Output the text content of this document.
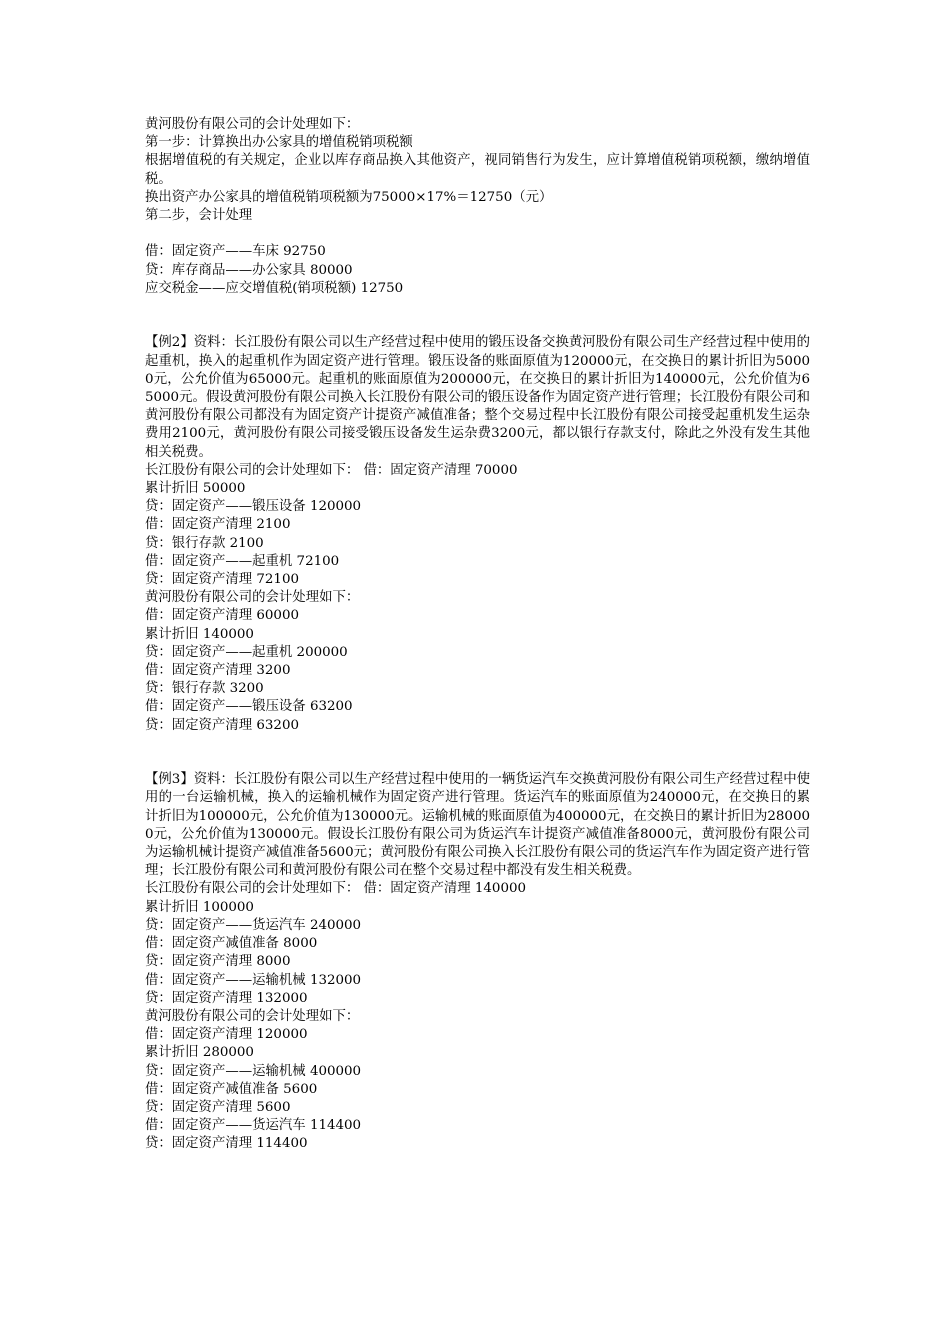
黄河股份有限公司的会计处理如下：

第一步：计算换出办公家具的增值税销项税额

根据增值税的有关规定，企业以库存商品换入其他资产，视同销售行为发生，应计算增值税销项税额，缴纳增值税。

换出资产办公家具的增值税销项税额为75000×17%＝12750（元）

第二步，会计处理

借：固定资产——车床 92750

贷：库存商品——办公家具 80000

应交税金——应交增值税(销项税额) 12750

【例2】资料：长江股份有限公司以生产经营过程中使用的锻压设备交换黄河股份有限公司生产经营过程中使用的起重机，换入的起重机作为固定资产进行管理。锻压设备的账面原值为120000元，在交换日的累计折旧为50000元，公允价值为65000元。起重机的账面原值为200000元，在交换日的累计折旧为140000元，公允价值为65000元。假设黄河股份有限公司换入长江股份有限公司的锻压设备作为固定资产进行管理；长江股份有限公司和黄河股份有限公司都没有为固定资产计提资产减值准备；整个交易过程中长江股份有限公司接受起重机发生运杂费用2100元，黄河股份有限公司接受锻压设备发生运杂费3200元，都以银行存款支付，除此之外没有发生其他相关税费。

长江股份有限公司的会计处理如下： 借：固定资产清理 70000

累计折旧 50000

贷：固定资产——锻压设备 120000

借：固定资产清理 2100

贷：银行存款 2100

借：固定资产——起重机 72100

贷：固定资产清理 72100

黄河股份有限公司的会计处理如下：

借：固定资产清理 60000

累计折旧 140000

贷：固定资产——起重机 200000

借：固定资产清理 3200

贷：银行存款 3200

借：固定资产——锻压设备 63200

贷：固定资产清理 63200

【例3】资料：长江股份有限公司以生产经营过程中使用的一辆货运汽车交换黄河股份有限公司生产经营过程中使用的一台运输机械，换入的运输机械作为固定资产进行管理。货运汽车的账面原值为240000元，在交换日的累计折旧为100000元，公允价值为130000元。运输机械的账面原值为400000元，在交换日的累计折旧为280000元，公允价值为130000元。假设长江股份有限公司为货运汽车计提资产减值准备8000元，黄河股份有限公司为运输机械计提资产减值准备5600元；黄河股份有限公司换入长江股份有限公司的货运汽车作为固定资产进行管理；长江股份有限公司和黄河股份有限公司在整个交易过程中都没有发生相关税费。

长江股份有限公司的会计处理如下： 借：固定资产清理 140000

累计折旧 100000

贷：固定资产——货运汽车 240000

借：固定资产减值准备 8000

贷：固定资产清理 8000

借：固定资产——运输机械 132000

贷：固定资产清理 132000

黄河股份有限公司的会计处理如下：

借：固定资产清理 120000

累计折旧 280000

贷：固定资产——运输机械 400000

借：固定资产减值准备 5600

贷：固定资产清理 5600

借：固定资产——货运汽车 114400

贷：固定资产清理 114400
